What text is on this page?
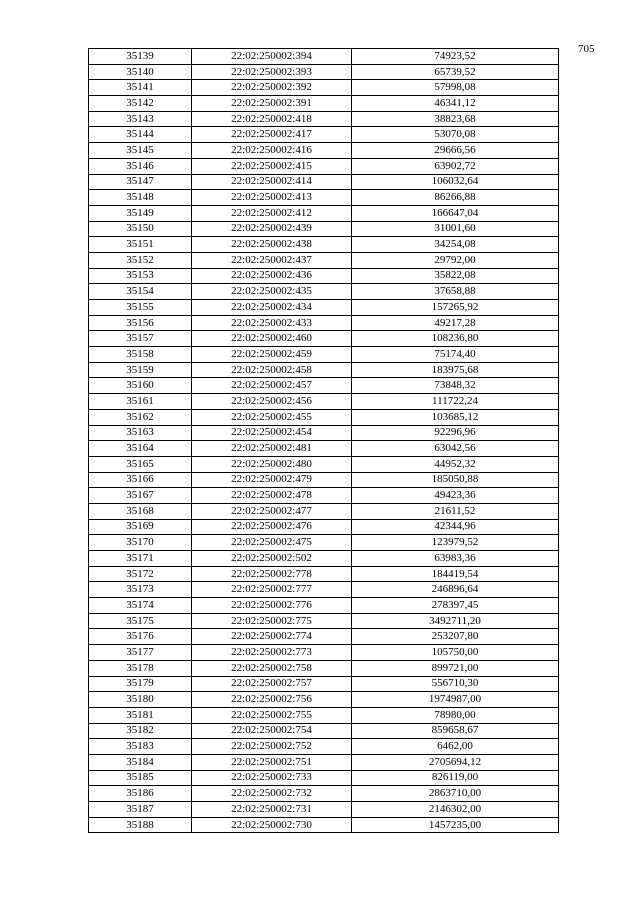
705
35139	22:02:250002:394	74923,52
35140	22:02:250002:393	65739,52
35141	22:02:250002:392	57998,08
35142	22:02:250002:391	46341,12
35143	22:02:250002:418	38823,68
35144	22:02:250002:417	53070,08
35145	22:02:250002:416	29666,56
35146	22:02:250002:415	63902,72
35147	22:02:250002:414	106032,64
35148	22:02:250002:413	86266,88
35149	22:02:250002:412	166647,04
35150	22:02:250002:439	31001,60
35151	22:02:250002:438	34254,08
35152	22:02:250002:437	29792,00
35153	22:02:250002:436	35822,08
35154	22:02:250002:435	37658,88
35155	22:02:250002:434	157265,92
35156	22:02:250002:433	49217,28
35157	22:02:250002:460	108236,80
35158	22:02:250002:459	75174,40
35159	22:02:250002:458	183975,68
35160	22:02:250002:457	73848,32
35161	22:02:250002:456	111722,24
35162	22:02:250002:455	103685,12
35163	22:02:250002:454	92296,96
35164	22:02:250002:481	63042,56
35165	22:02:250002:480	44952,32
35166	22:02:250002:479	185050,88
35167	22:02:250002:478	49423,36
35168	22:02:250002:477	21611,52
35169	22:02:250002:476	42344,96
35170	22:02:250002:475	123979,52
35171	22:02:250002:502	63983,36
35172	22:02:250002:778	184419,54
35173	22:02:250002:777	246896,64
35174	22:02:250002:776	278397,45
35175	22:02:250002:775	3492711,20
35176	22:02:250002:774	253207,80
35177	22:02:250002:773	105750,00
35178	22:02:250002:758	899721,00
35179	22:02:250002:757	556710,30
35180	22:02:250002:756	1974987,00
35181	22:02:250002:755	78980,00
35182	22:02:250002:754	859658,67
35183	22:02:250002:752	6462,00
35184	22:02:250002:751	2705694,12
35185	22:02:250002:733	826119,00
35186	22:02:250002:732	2863710,00
35187	22:02:250002:731	2146302,00
35188	22:02:250002:730	1457235,00
